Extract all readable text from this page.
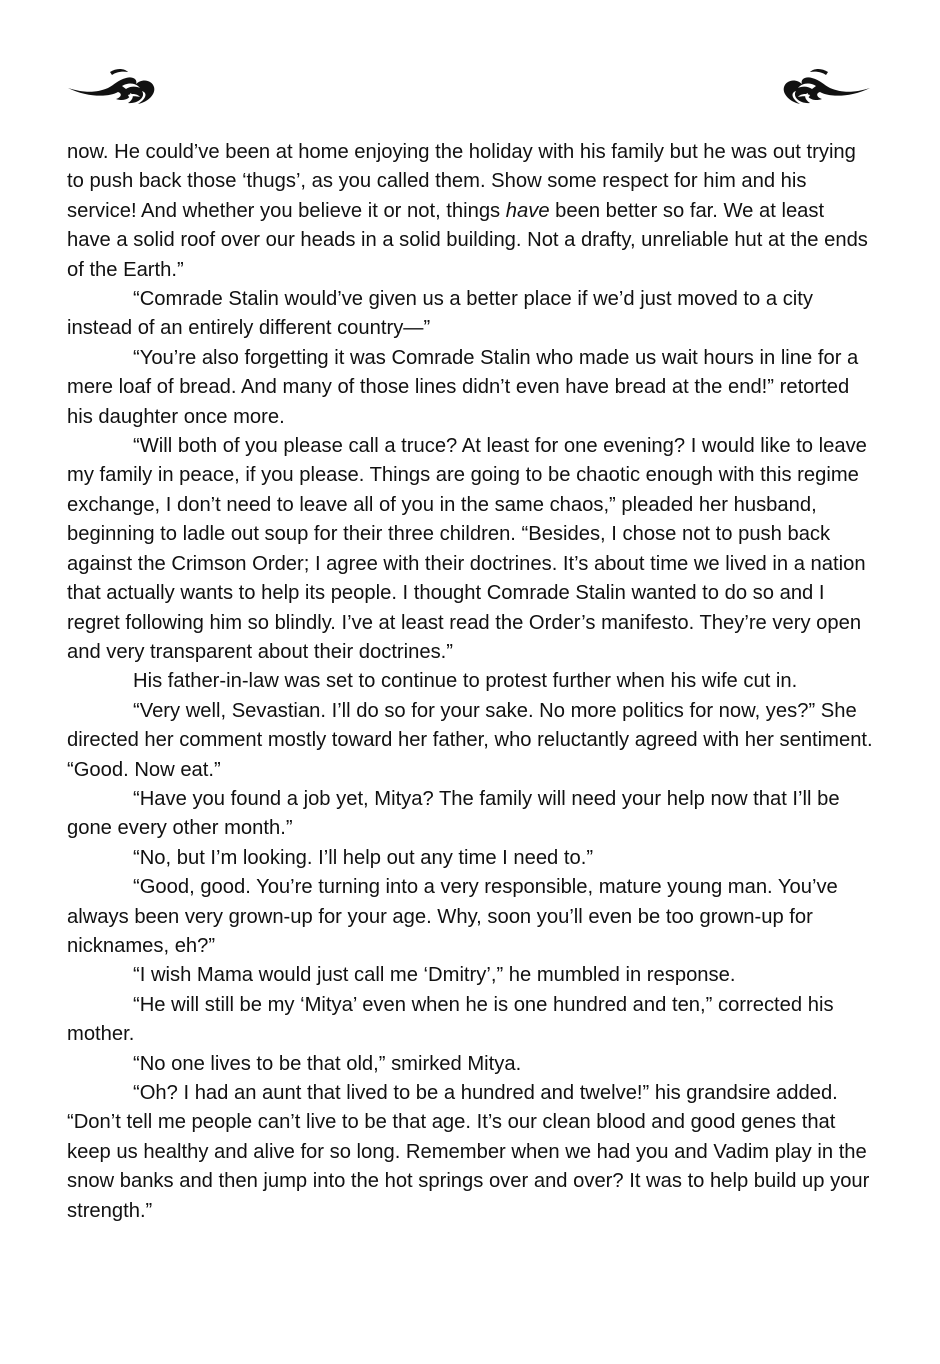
now. He could’ve been at home enjoying the holiday with his family but he was out trying to push back those ‘thugs’, as you called them. Show some respect for him and his service! And whether you believe it or not, things have been better so far. We at least have a solid roof over our heads in a solid building. Not a drafty, unreliable hut at the ends of the Earth.”

“Comrade Stalin would’ve given us a better place if we’d just moved to a city instead of an entirely different country—”

“You’re also forgetting it was Comrade Stalin who made us wait hours in line for a mere loaf of bread. And many of those lines didn’t even have bread at the end!” retorted his daughter once more.

“Will both of you please call a truce? At least for one evening? I would like to leave my family in peace, if you please. Things are going to be chaotic enough with this regime exchange, I don’t need to leave all of you in the same chaos,” pleaded her husband, beginning to ladle out soup for their three children. “Besides, I chose not to push back against the Crimson Order; I agree with their doctrines. It’s about time we lived in a nation that actually wants to help its people. I thought Comrade Stalin wanted to do so and I regret following him so blindly. I’ve at least read the Order’s manifesto. They’re very open and very transparent about their doctrines.”

His father-in-law was set to continue to protest further when his wife cut in.

“Very well, Sevastian. I’ll do so for your sake. No more politics for now, yes?” She directed her comment mostly toward her father, who reluctantly agreed with her sentiment. “Good. Now eat.”

“Have you found a job yet, Mitya? The family will need your help now that I’ll be gone every other month.”

“No, but I’m looking. I’ll help out any time I need to.”

“Good, good. You’re turning into a very responsible, mature young man. You’ve always been very grown-up for your age. Why, soon you’ll even be too grown-up for nicknames, eh?”

“I wish Mama would just call me ‘Dmitry’,” he mumbled in response.

“He will still be my ‘Mitya’ even when he is one hundred and ten,” corrected his mother.

“No one lives to be that old,” smirked Mitya.

“Oh? I had an aunt that lived to be a hundred and twelve!” his grandsire added. “Don’t tell me people can’t live to be that age. It’s our clean blood and good genes that keep us healthy and alive for so long. Remember when we had you and Vadim play in the snow banks and then jump into the hot springs over and over? It was to help build up your strength.”
